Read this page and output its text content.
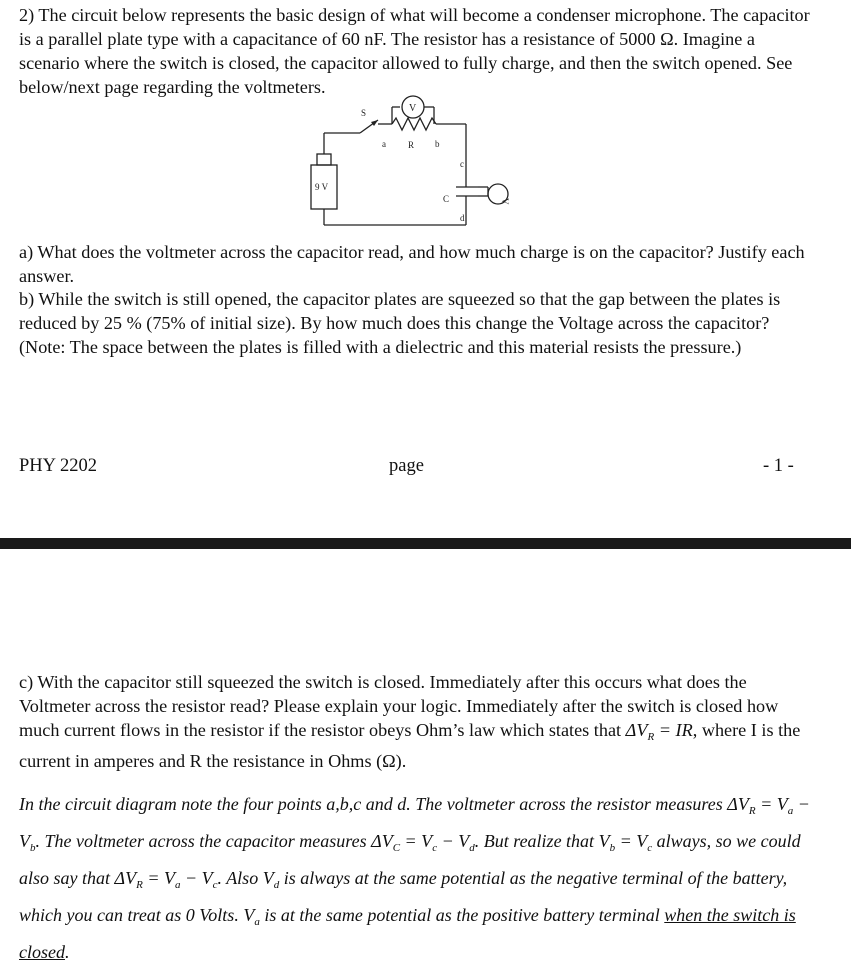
2) The circuit below represents the basic design of what will become a condenser microphone. The capacitor is a parallel plate type with a capacitance of 60 nF. The resistor has a resistance of 5000 Ω. Imagine a scenario where the switch is closed, the capacitor allowed to fully charge, and then the switch opened. See below/next page regarding the voltmeters.

S	V
a R b
c
C
d
9 V
V

a) What does the voltmeter across the capacitor read, and how much charge is on the capacitor? Justify each answer.

b) While the switch is still opened, the capacitor plates are squeezed so that the gap between the plates is reduced by 25 % (75% of initial size). By how much does this change the Voltage across the capacitor? (Note: The space between the plates is filled with a dielectric and this material resists the pressure.)

PHY 2202	page	- 1 -

c) With the capacitor still squeezed the switch is closed. Immediately after this occurs what does the Voltmeter across the resistor read? Please explain your logic. Immediately after the switch is closed how much current flows in the resistor if the resistor obeys Ohm’s law which states that $\Delta V_R$ = IR, where I is the current in amperes and R the resistance in Ohms (Ω).

In the circuit diagram note the four points a,b,c and d. The voltmeter across the resistor measures $\Delta V_R = V_a - V_b$. The voltmeter across the capacitor measures $\Delta V_C = V_c - V_d$. But realize that $V_b = V_c$ always, so we could also say that $\Delta V_R = V_a - V_c$. Also $V_d$ is always at the same potential as the negative terminal of the battery, which you can treat as 0 Volts. $V_a$ is at the same potential as the positive battery terminal when the switch is closed.
